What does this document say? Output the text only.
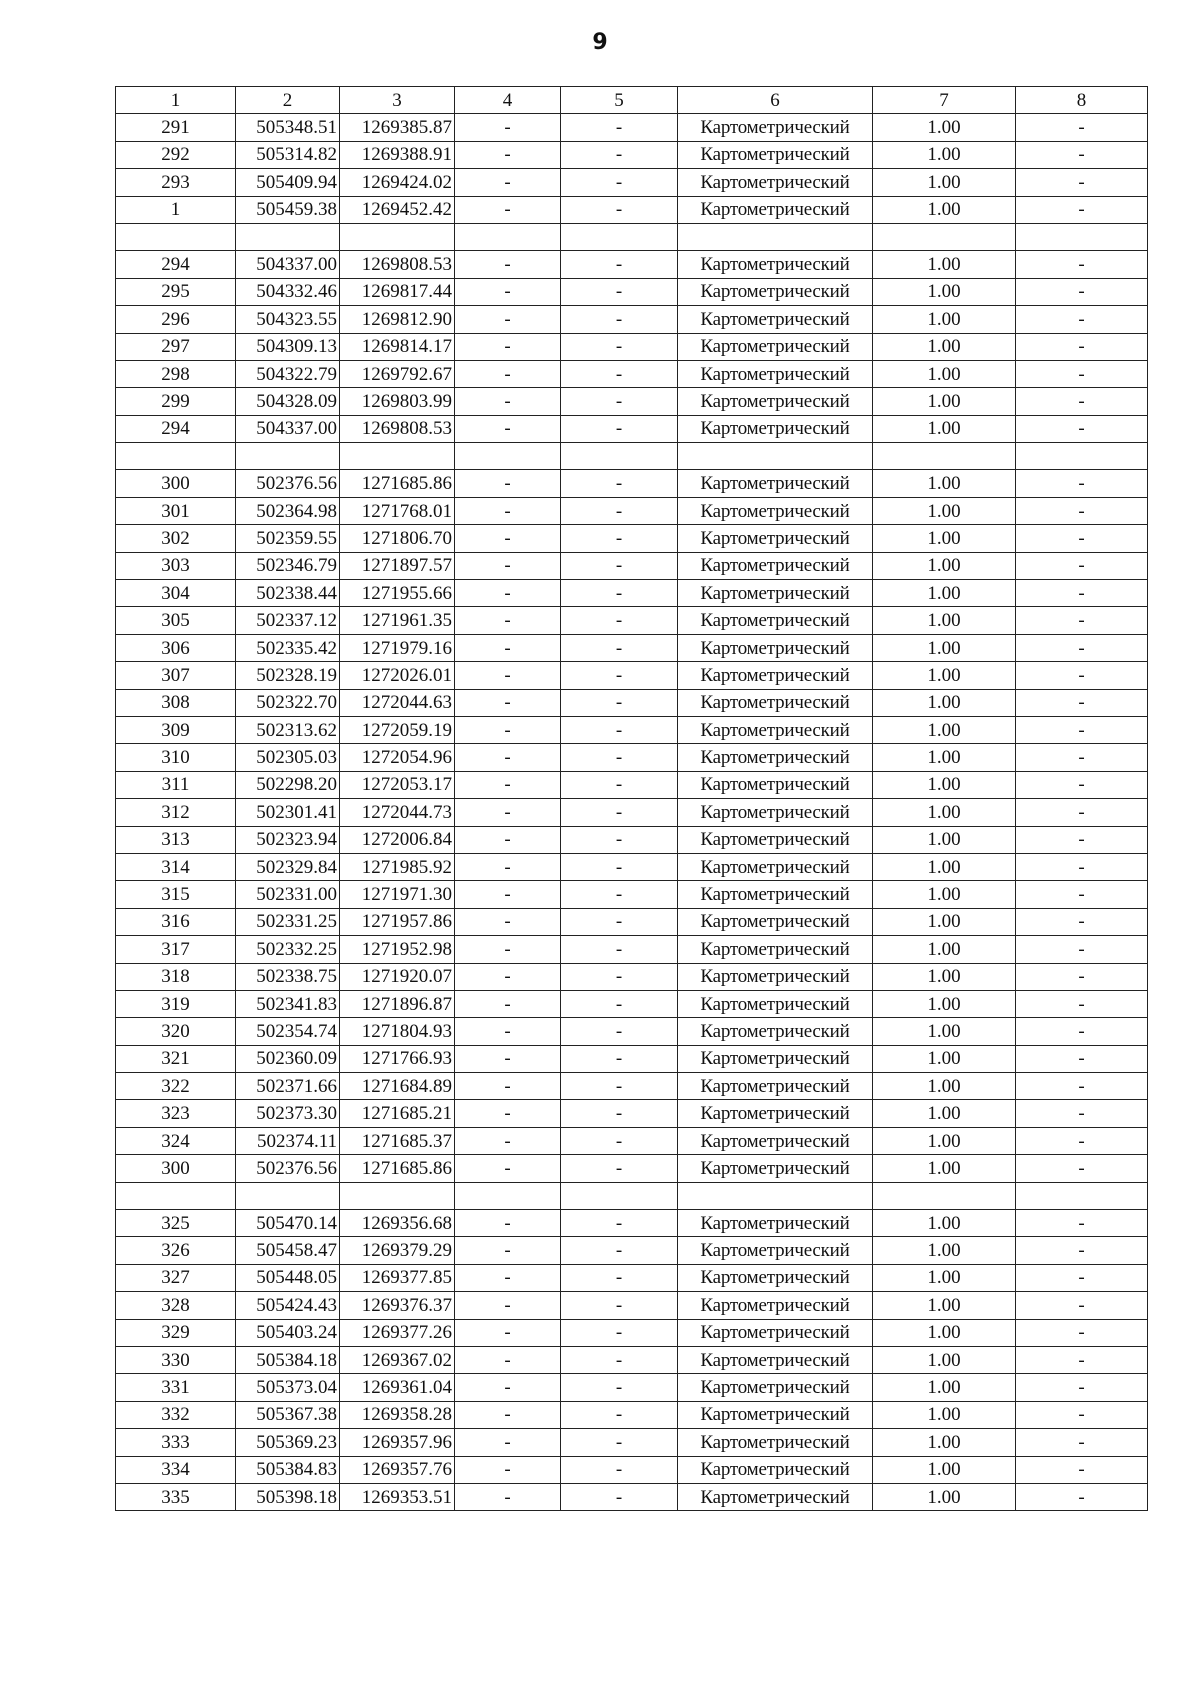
9
1	2	3	4	5	6	7	8
291	505348.51	1269385.87	-	-	Картометрический	1.00	-
292	505314.82	1269388.91	-	-	Картометрический	1.00	-
293	505409.94	1269424.02	-	-	Картометрический	1.00	-
1	505459.38	1269452.42	-	-	Картометрический	1.00	-

294	504337.00	1269808.53	-	-	Картометрический	1.00	-
295	504332.46	1269817.44	-	-	Картометрический	1.00	-
296	504323.55	1269812.90	-	-	Картометрический	1.00	-
297	504309.13	1269814.17	-	-	Картометрический	1.00	-
298	504322.79	1269792.67	-	-	Картометрический	1.00	-
299	504328.09	1269803.99	-	-	Картометрический	1.00	-
294	504337.00	1269808.53	-	-	Картометрический	1.00	-

300	502376.56	1271685.86	-	-	Картометрический	1.00	-
301	502364.98	1271768.01	-	-	Картометрический	1.00	-
302	502359.55	1271806.70	-	-	Картометрический	1.00	-
303	502346.79	1271897.57	-	-	Картометрический	1.00	-
304	502338.44	1271955.66	-	-	Картометрический	1.00	-
305	502337.12	1271961.35	-	-	Картометрический	1.00	-
306	502335.42	1271979.16	-	-	Картометрический	1.00	-
307	502328.19	1272026.01	-	-	Картометрический	1.00	-
308	502322.70	1272044.63	-	-	Картометрический	1.00	-
309	502313.62	1272059.19	-	-	Картометрический	1.00	-
310	502305.03	1272054.96	-	-	Картометрический	1.00	-
311	502298.20	1272053.17	-	-	Картометрический	1.00	-
312	502301.41	1272044.73	-	-	Картометрический	1.00	-
313	502323.94	1272006.84	-	-	Картометрический	1.00	-
314	502329.84	1271985.92	-	-	Картометрический	1.00	-
315	502331.00	1271971.30	-	-	Картометрический	1.00	-
316	502331.25	1271957.86	-	-	Картометрический	1.00	-
317	502332.25	1271952.98	-	-	Картометрический	1.00	-
318	502338.75	1271920.07	-	-	Картометрический	1.00	-
319	502341.83	1271896.87	-	-	Картометрический	1.00	-
320	502354.74	1271804.93	-	-	Картометрический	1.00	-
321	502360.09	1271766.93	-	-	Картометрический	1.00	-
322	502371.66	1271684.89	-	-	Картометрический	1.00	-
323	502373.30	1271685.21	-	-	Картометрический	1.00	-
324	502374.11	1271685.37	-	-	Картометрический	1.00	-
300	502376.56	1271685.86	-	-	Картометрический	1.00	-

325	505470.14	1269356.68	-	-	Картометрический	1.00	-
326	505458.47	1269379.29	-	-	Картометрический	1.00	-
327	505448.05	1269377.85	-	-	Картометрический	1.00	-
328	505424.43	1269376.37	-	-	Картометрический	1.00	-
329	505403.24	1269377.26	-	-	Картометрический	1.00	-
330	505384.18	1269367.02	-	-	Картометрический	1.00	-
331	505373.04	1269361.04	-	-	Картометрический	1.00	-
332	505367.38	1269358.28	-	-	Картометрический	1.00	-
333	505369.23	1269357.96	-	-	Картометрический	1.00	-
334	505384.83	1269357.76	-	-	Картометрический	1.00	-
335	505398.18	1269353.51	-	-	Картометрический	1.00	-
